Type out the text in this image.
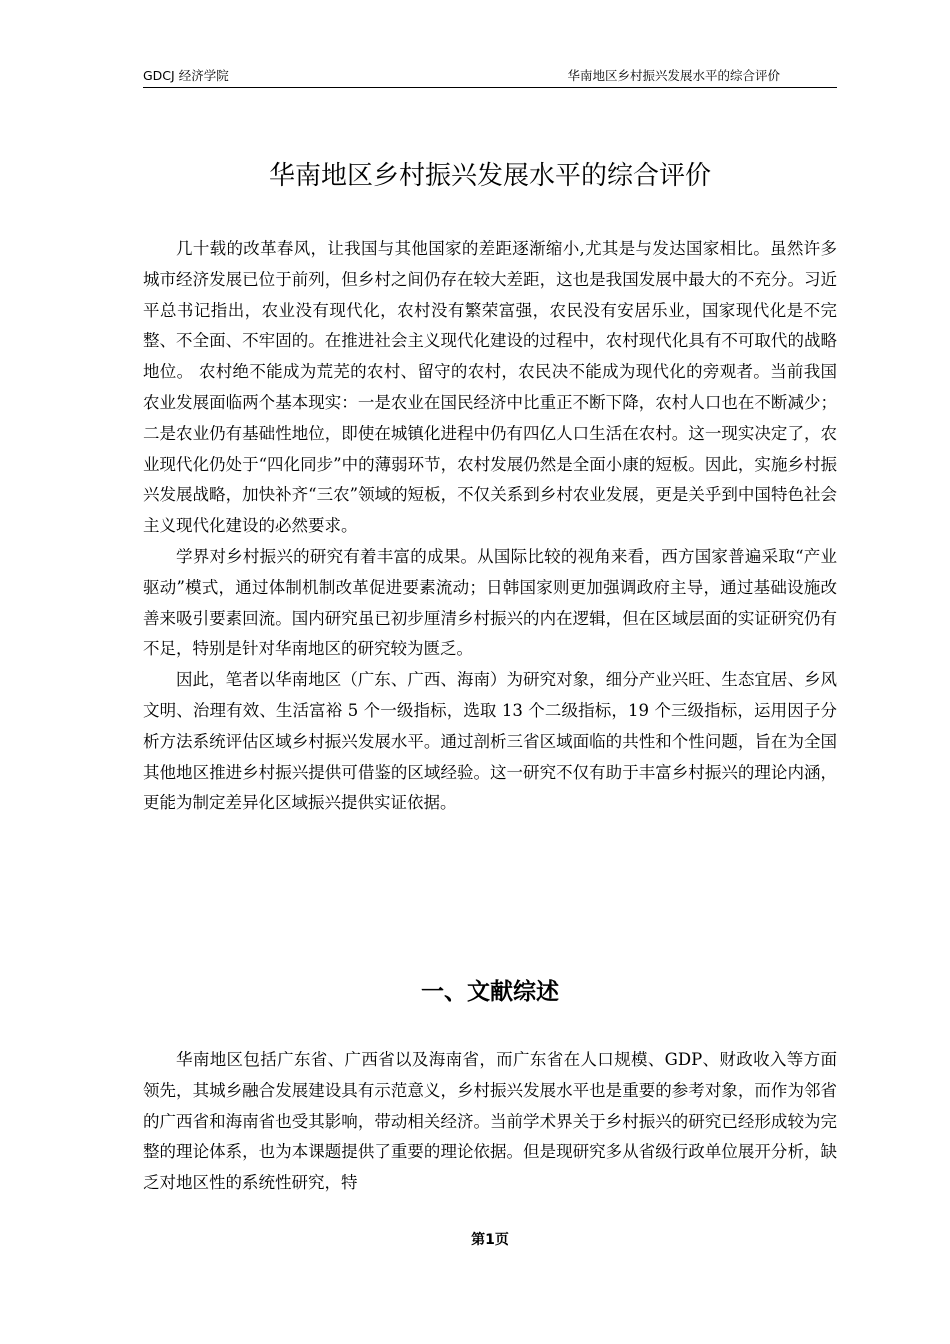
GDCJ 经济学院	华南地区乡村振兴发展水平的综合评价
华南地区乡村振兴发展水平的综合评价

几十载的改革春风，让我国与其他国家的差距逐渐缩小,尤其是与发达国家相比。虽然许多城市经济发展已位于前列，但乡村之间仍存在较大差距，这也是我国发展中最大的不充分。习近平总书记指出，农业没有现代化，农村没有繁荣富强，农民没有安居乐业，国家现代化是不完整、不全面、不牢固的。在推进社会主义现代化建设的过程中，农村现代化具有不可取代的战略地位。 农村绝不能成为荒芜的农村、留守的农村，农民决不能成为现代化的旁观者。当前我国农业发展面临两个基本现实：一是农业在国民经济中比重正不断下降，农村人口也在不断减少；二是农业仍有基础性地位，即使在城镇化进程中仍有四亿人口生活在农村。这一现实决定了，农业现代化仍处于“四化同步”中的薄弱环节，农村发展仍然是全面小康的短板。因此，实施乡村振兴发展战略，加快补齐“三农”领域的短板，不仅关系到乡村农业发展，更是关乎到中国特色社会主义现代化建设的必然要求。

学界对乡村振兴的研究有着丰富的成果。从国际比较的视角来看，西方国家普遍采取“产业驱动”模式，通过体制机制改革促进要素流动；日韩国家则更加强调政府主导，通过基础设施改善来吸引要素回流。国内研究虽已初步厘清乡村振兴的内在逻辑，但在区域层面的实证研究仍有不足，特别是针对华南地区的研究较为匮乏。

因此，笔者以华南地区（广东、广西、海南）为研究对象，细分产业兴旺、生态宜居、乡风文明、治理有效、生活富裕 5 个一级指标，选取 13 个二级指标，19 个三级指标，运用因子分析方法系统评估区域乡村振兴发展水平。通过剖析三省区域面临的共性和个性问题，旨在为全国其他地区推进乡村振兴提供可借鉴的区域经验。这一研究不仅有助于丰富乡村振兴的理论内涵，更能为制定差异化区域振兴提供实证依据。

一、文献综述

华南地区包括广东省、广西省以及海南省，而广东省在人口规模、GDP、财政收入等方面领先，其城乡融合发展建设具有示范意义，乡村振兴发展水平也是重要的参考对象，而作为邻省的广西省和海南省也受其影响，带动相关经济。当前学术界关于乡村振兴的研究已经形成较为完整的理论体系，也为本课题提供了重要的理论依据。但是现研究多从省级行政单位展开分析，缺乏对地区性的系统性研究，特

第1页
